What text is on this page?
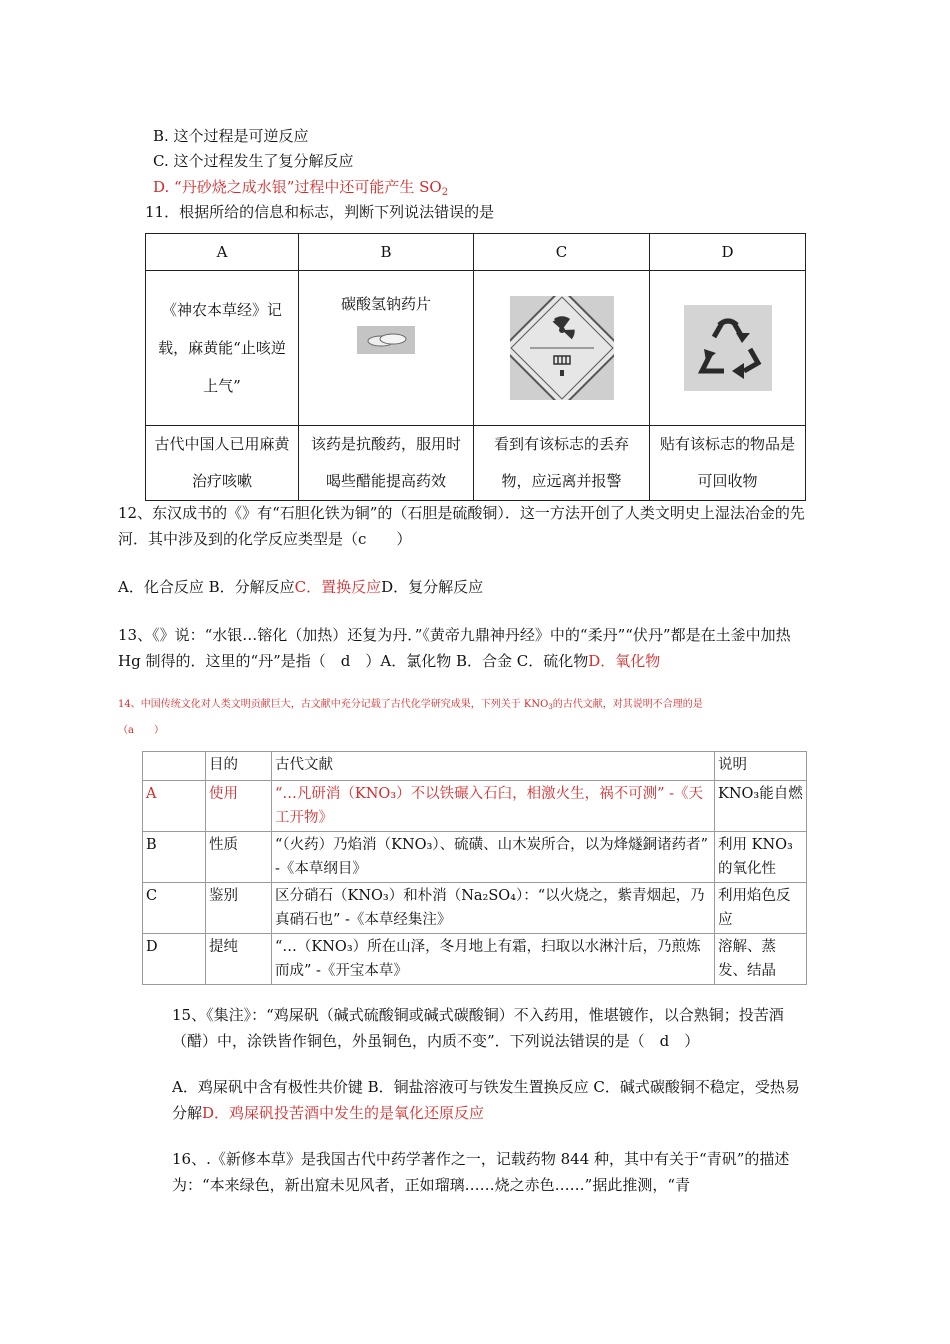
B. 这个过程是可逆反应
C. 这个过程发生了复分解反应
D. “丹砂烧之成水银”过程中还可能产生 $SO_2$
11．根据所给的信息和标志，判断下列说法错误的是
A	B	C	D
《神农本草经》记载，麻黄能“止咳逆上气”	碳酸氢钠药片

古代中国人已用麻黄治疗咳嗽	该药是抗酸药，服用时喝些醋能提高药效	看到有该标志的丢弃物，应远离并报警	贴有该标志的物品是可回收物
12、东汉成书的《》有“石胆化铁为铜”的（石胆是硫酸铜）．这一方法开创了人类文明史上湿法冶金的先河．其中涉及到的化学反应类型是（c　　）
A．化合反应 B．分解反应C．置换反应D．复分解反应
13、《》说：“水银…镕化（加热）还复为丹．”《黄帝九鼎神丹经》中的“柔丹”“伏丹”都是在土釜中加热 Hg 制得的．这里的“丹”是指（　d　）A．氯化物 B．合金 C．硫化物D．氧化物
14、中国传统文化对人类文明贡献巨大，古文献中充分记载了古代化学研究成果，下列关于 $KNO_3$的古代文献，对其说明不合理的是
（a　　）
	目的	古代文献	说明
A	使用	“…凡研消（KNO₃）不以铁碾入石臼，相激火生，祸不可测” -《天工开物》	KNO₃能自燃
B	性质	“（火药）乃焰消（KNO₃）、硫磺、山木炭所合，以为烽燧銅诸药者” -《本草纲目》	利用 KNO₃的氧化性
C	鉴别	区分硝石（KNO₃）和朴消（Na₂SO₄）：“以火烧之，紫青烟起，乃真硝石也” -《本草经集注》	利用焰色反应
D	提纯	“…（KNO₃）所在山泽，冬月地上有霜，扫取以水淋汁后，乃煎炼而成” -《开宝本草》	溶解、蒸发、结晶
15、《集注》：“鸡屎矾（碱式硫酸铜或碱式碳酸铜）不入药用，惟堪镀作，以合熟铜；投苦酒（醋）中，涂铁皆作铜色，外虽铜色，内质不变”．下列说法错误的是（　d　）
A．鸡屎矾中含有极性共价键 B．铜盐溶液可与铁发生置换反应 C．碱式碳酸铜不稳定，受热易分解D．鸡屎矾投苦酒中发生的是氧化还原反应
16、.《新修本草》是我国古代中药学著作之一，记载药物 844 种，其中有关于“青矾”的描述为：“本来绿色，新出窟未见风者，正如瑠璃……烧之赤色……”据此推测，“青
